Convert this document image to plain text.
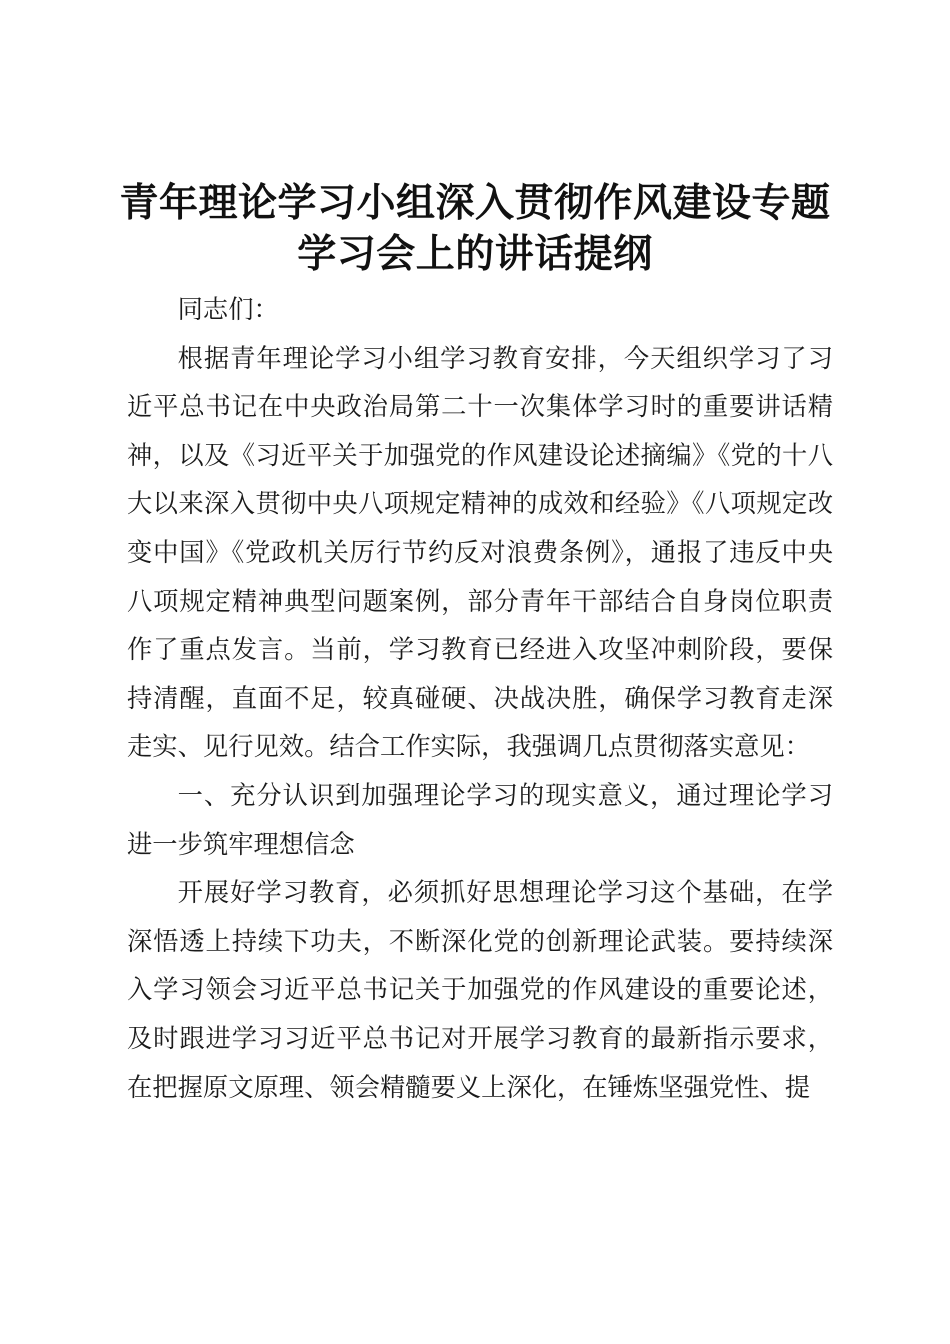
青年理论学习小组深入贯彻作风建设专题学习会上的讲话提纲

同志们：

根据青年理论学习小组学习教育安排，今天组织学习了习近平总书记在中央政治局第二十一次集体学习时的重要讲话精神，以及《习近平关于加强党的作风建设论述摘编》《党的十八大以来深入贯彻中央八项规定精神的成效和经验》《八项规定改变中国》《党政机关厉行节约反对浪费条例》，通报了违反中央八项规定精神典型问题案例，部分青年干部结合自身岗位职责作了重点发言。当前，学习教育已经进入攻坚冲刺阶段，要保持清醒，直面不足，较真碰硬、决战决胜，确保学习教育走深走实、见行见效。结合工作实际，我强调几点贯彻落实意见：

一、充分认识到加强理论学习的现实意义，通过理论学习进一步筑牢理想信念

开展好学习教育，必须抓好思想理论学习这个基础，在学深悟透上持续下功夫，不断深化党的创新理论武装。要持续深入学习领会习近平总书记关于加强党的作风建设的重要论述，及时跟进学习习近平总书记对开展学习教育的最新指示要求，在把握原文原理、领会精髓要义上深化，在锤炼坚强党性、提
